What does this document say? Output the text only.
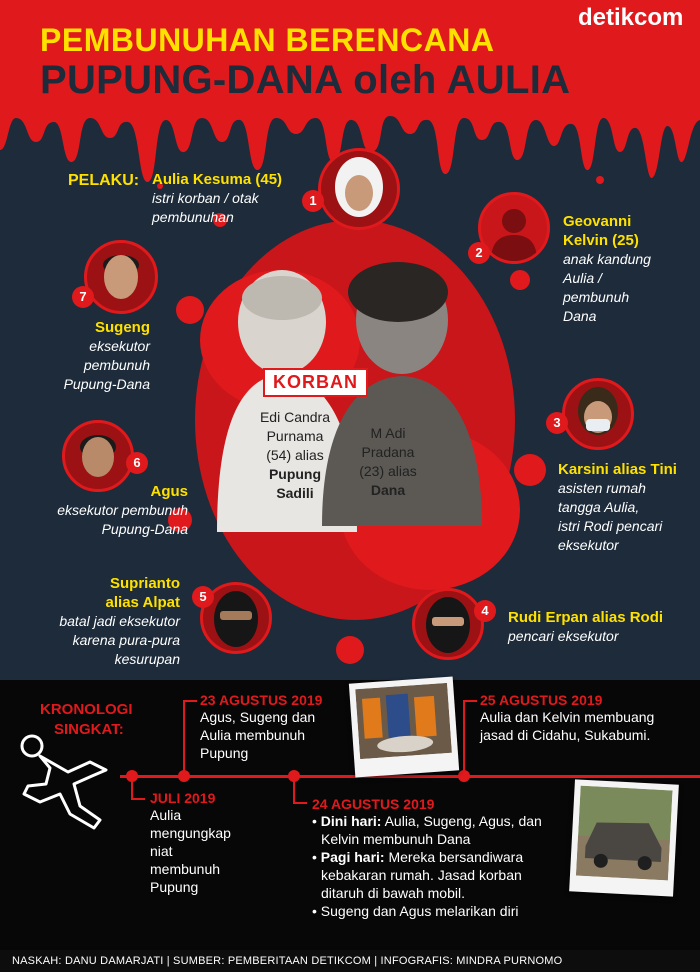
PEMBUNUHAN BERENCANA
PUPUNG-DANA oleh AULIA
detikcom
KORBAN
Edi Candra
Purnama
(54) alias
Pupung
Sadili
M Adi
Pradana
(23) alias
Dana
PELAKU:
1
Aulia Kesuma (45)
istri korban / otak
pembunuhan
2
Geovanni
Kelvin (25)
anak kandung
Aulia /
pembunuh
Dana
3
Karsini alias Tini
asisten rumah
tangga Aulia,
istri Rodi pencari
eksekutor
4	Rudi Erpan alias Rodi
pencari eksekutor
5
Suprianto
alias Alpat
batal jadi eksekutor
karena pura-pura
kesurupan
6
Agus
eksekutor pembunuh
Pupung-Dana
7
Sugeng
eksekutor
pembunuh
Pupung-Dana
KRONOLOGI
SINGKAT:
JULI 2019
Aulia
mengungkap
niat
membunuh
Pupung
23 AGUSTUS 2019
Agus, Sugeng dan
Aulia membunuh
Pupung
24 AGUSTUS 2019
• Dini hari: Aulia, Sugeng, Agus, dan
Kelvin membunuh Dana
• Pagi hari: Mereka bersandiwara
kebakaran rumah. Jasad korban
ditaruh di bawah mobil.
• Sugeng dan Agus melarikan diri
25 AGUSTUS 2019
Aulia dan Kelvin membuang
jasad di Cidahu, Sukabumi.
NASKAH: DANU DAMARJATI | SUMBER: PEMBERITAAN DETIKCOM | INFOGRAFIS: MINDRA PURNOMO
